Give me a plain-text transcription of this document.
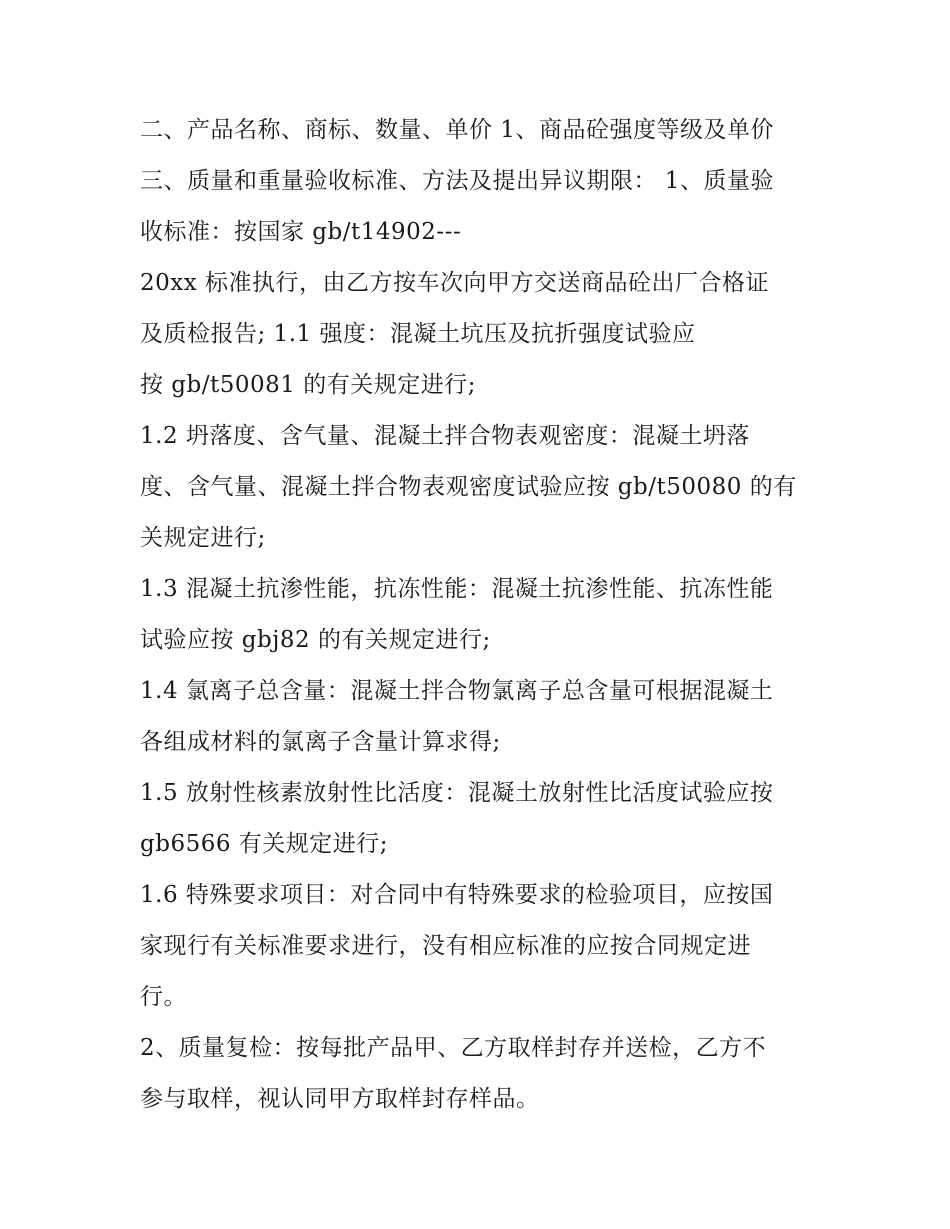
二、产品名称、商标、数量、单价 1、商品砼强度等级及单价
三、质量和重量验收标准、方法及提出异议期限： 1、质量验
收标准：按国家 gb/t14902---
20xx 标准执行，由乙方按车次向甲方交送商品砼出厂合格证
及质检报告; 1.1 强度：混凝土坑压及抗折强度试验应
按 gb/t50081 的有关规定进行;
1.2 坍落度、含气量、混凝土拌合物表观密度：混凝土坍落
度、含气量、混凝土拌合物表观密度试验应按 gb/t50080 的有
关规定进行;
1.3 混凝土抗渗性能，抗冻性能：混凝土抗渗性能、抗冻性能
试验应按 gbj82 的有关规定进行;
1.4 氯离子总含量：混凝土拌合物氯离子总含量可根据混凝土
各组成材料的氯离子含量计算求得;
1.5 放射性核素放射性比活度：混凝土放射性比活度试验应按
gb6566 有关规定进行;
1.6 特殊要求项目：对合同中有特殊要求的检验项目，应按国
家现行有关标准要求进行，没有相应标准的应按合同规定进
行。
2、质量复检：按每批产品甲、乙方取样封存并送检，乙方不
参与取样，视认同甲方取样封存样品。
